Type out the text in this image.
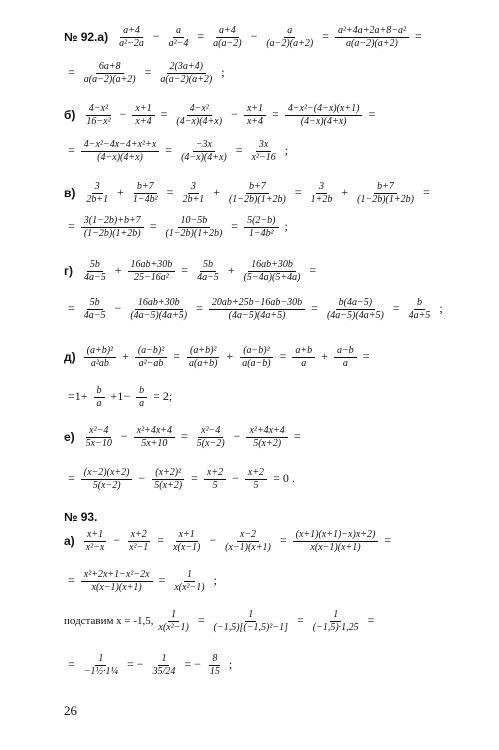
№ 92. $а) \frac{a+4}{\text{a²−2a}} - \frac{a}{\text{a²−4}} = \frac{a+4}{a(a-2)} - \frac{a}{(a-2)(a+2)} = \frac{\text{a²+4a+2a+8−a²}}{a(a-2)(a+2)}$ =
= $\frac{6a+8}{a(a-2)(a+2)} = \frac{2(3a+4)}{a(a-2)(a+2)}$ ;
$б) \frac{\text{4−x²}}{\text{16−x²}} - \frac{x+1}{x+4} = \frac{\text{4−x²}}{(4-x)(4+x)} - \frac{x+1}{x+4} = \frac{\text{4−x²−(4−x)(x+1)}}{(4-x)(4+x)}$ =
= $\frac{\text{4−x²−4x−4+x²+x}}{(4-x)(4+x)} = \frac{-3x}{(4-x)(4+x)} = \frac{3x}{\text{x²−16}}$ ;
$в) \frac{3}{2b+1} + \frac{b+7}{\text{1−4b²}} = \frac{3}{2b+1} + \frac{b+7}{(1-2b)(1+2b)} = \frac{3}{1+2b} + \frac{b+7}{(1-2b)(1+2b)}$ =
= $\frac{3(1-2b)+b+7}{(1-2b)(1+2b)} = \frac{10-5b}{(1-2b)(1+2b)} = \frac{5(2-b)}{\text{1−4b²}}$ ;
$г) \frac{5b}{4a-5} + \frac{16ab+30b}{\text{25−16a²}} = \frac{5b}{4a-5} + \frac{16ab+30b}{(5-4a)(5+4a)}$ =
= $\frac{5b}{4a-5} - \frac{16ab+30b}{(4a-5)(4a+5)} = \frac{20ab+25b-16ab-30b}{(4a-5)(4a+5)} = \frac{b(4a-5)}{(4a-5)(4a+5)} = \frac{b}{4a+5}$ ;
$д) \frac{\text{(a+b)²}}{\text{a²ab}} + \frac{\text{(a−b)²}}{\text{a²−ab}} = \frac{\text{(a+b)²}}{a(a+b)} + \frac{\text{(a−b)²}}{a(a-b)} = \frac{a+b}{a} + \frac{a-b}{a}$ =
$=1+ \frac{b}{a} +1- \frac{b}{a} = 2$;
$е) \frac{\text{x²−4}}{5x-10} - \frac{\text{x²+4x+4}}{5x+10} = \frac{\text{x²−4}}{5(x-2)} - \frac{\text{x²+4x+4}}{5(x+2)}$ =
= $\frac{(x-2)(x+2)}{5(x-2)} - \frac{\text{(x+2)²}}{5(x+2)} = \frac{x+2}{5} - \frac{x+2}{5} = 0$ .
№ 93.
$а) \frac{x+1}{\text{x²−x}} - \frac{x+2}{\text{x²−1}} = \frac{x+1}{x(x-1)} - \frac{x-2}{(x-1)(x+1)} = \frac{(x+1)(x+1)-x)x+2)}{x(x-1)(x+1)}$ =
= $\frac{\text{x²+2x+1−x²−2x}}{x(x-1)(x+1)} = \frac{1}{\text{x(x²−1)}}$ ;
подставим x = -1,5, $\frac{1}{\text{x(x²−1)}} = \frac{1}{\text{(−1,5)[(−1,5)²−1]}} = \frac{1}{(-1,5)\cdot 1,25}$ =
= $\frac{1}{\text{−1½·1¼}}$ = − $\frac{1}{35/24}$ = − $\frac{8}{15}$ ;
26
